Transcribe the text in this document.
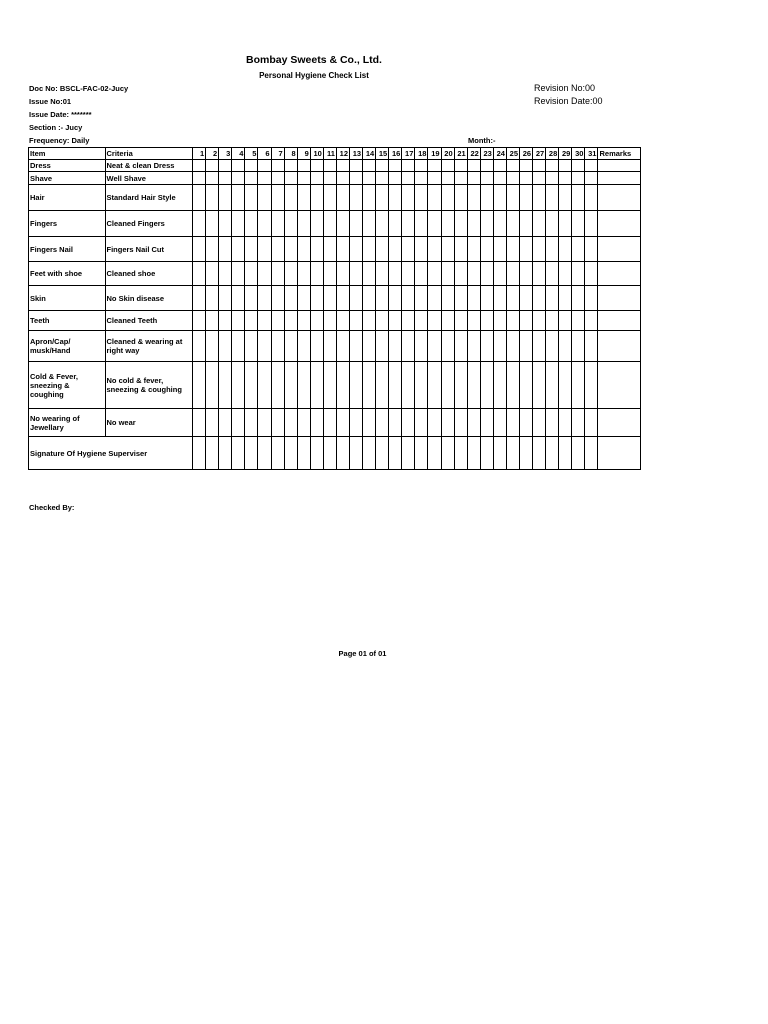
Bombay Sweets & Co., Ltd.
Personal Hygiene Check List
Doc No: BSCL-FAC-02-Jucy
Issue No:01
Issue Date: *******
Section :- Jucy
Frequency: Daily	Month:-
Revision No:00
Revision Date:00
Item	Criteria	1	2	3	4	5	6	7	8	9	10	11	12	13	14	15	16	17	18	19	20	21	22	23	24	25	26	27	28	29	30	31	Remarks
Dress	Neat & clean Dress																																
Shave	Well Shave																																
Hair	Standard Hair Style																																
Fingers	Cleaned Fingers																																
Fingers Nail	Fingers Nail Cut																																
Feet with shoe	Cleaned shoe																																
Skin	No Skin disease																																
Teeth	Cleaned Teeth																																
Apron/Cap/ musk/Hand	Cleaned & wearing at right way																																
Cold & Fever, sneezing & coughing	No cold & fever, sneezing & coughing																																
No wearing of Jewellary	No wear																																
Signature Of Hygiene Superviser																																	
Checked By:
Page 01 of 01
